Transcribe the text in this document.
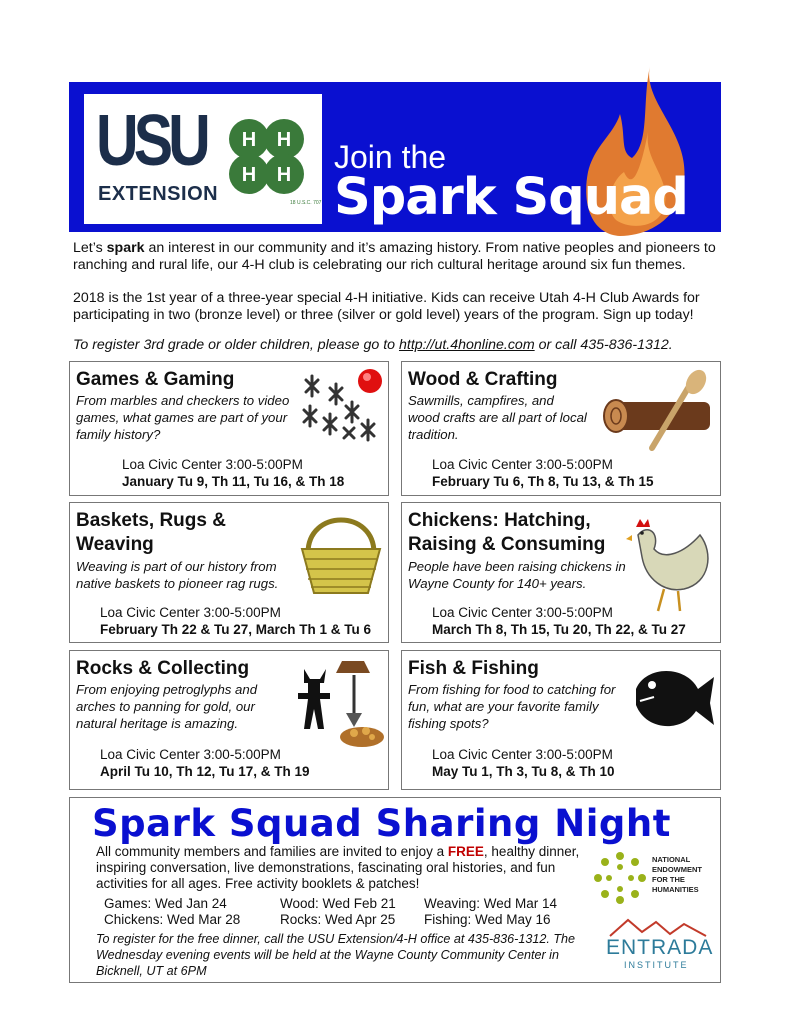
USU
EXTENSION
H H
H H
18 U.S.C. 707
Join the
Spark Squad
Let’s spark an interest in our community and it’s amazing history. From native peoples and pioneers to ranching and rural life, our 4-H club is celebrating our rich cultural heritage around six fun themes.
2018 is the 1st year of a three-year special 4-H initiative. Kids can receive Utah 4-H Club Awards for participating in two (bronze level) or three (silver or gold level) years of the program. Sign up today!
To register 3rd grade or older children, please go to http://ut.4honline.com or call 435-836-1312.
Games & Gaming
From marbles and checkers to video games, what games are part of your family history?
Loa Civic Center 3:00-5:00PM
January Tu 9, Th 11, Tu 16, & Th 18
Wood & Crafting
Sawmills, campfires, and wood crafts are all part of local tradition.
Loa Civic Center 3:00-5:00PM
February Tu 6, Th 8, Tu 13, & Th 15
Baskets, Rugs &
Weaving
Weaving is part of our history from native baskets to pioneer rag rugs.
Loa Civic Center 3:00-5:00PM
February Th 22 & Tu 27, March Th 1 & Tu 6
Chickens: Hatching,
Raising & Consuming
People have been raising chickens in Wayne County for 140+ years.
Loa Civic Center 3:00-5:00PM
March Th 8, Th 15, Tu 20, Th 22, & Tu 27
Rocks & Collecting
From enjoying petroglyphs and arches to panning for gold, our natural heritage is amazing.
Loa Civic Center 3:00-5:00PM
April Tu 10, Th 12, Tu 17, & Th 19
Fish & Fishing
From fishing for food to catching for fun, what are your favorite family fishing spots?
Loa Civic Center 3:00-5:00PM
May Tu 1, Th 3, Tu 8, & Th 10
Spark Squad Sharing Night
All community members and families are invited to enjoy a FREE, healthy dinner, inspiring conversation, live demonstrations, fascinating oral histories, and fun activities for all ages. Free activity booklets & patches!
Games: Wed Jan 24	Wood: Wed Feb 21 Weaving: Wed Mar 14
Chickens: Wed Mar 28	Rocks: Wed Apr 25 Fishing: Wed May 16
To register for the free dinner, call the USU Extension/4-H office at 435-836-1312. The Wednesday evening events will be held at the Wayne County Community Center in Bicknell, UT at 6PM
NATIONAL
ENDOWMENT
FOR THE
HUMANITIES
ENTRADA
INSTITUTE
